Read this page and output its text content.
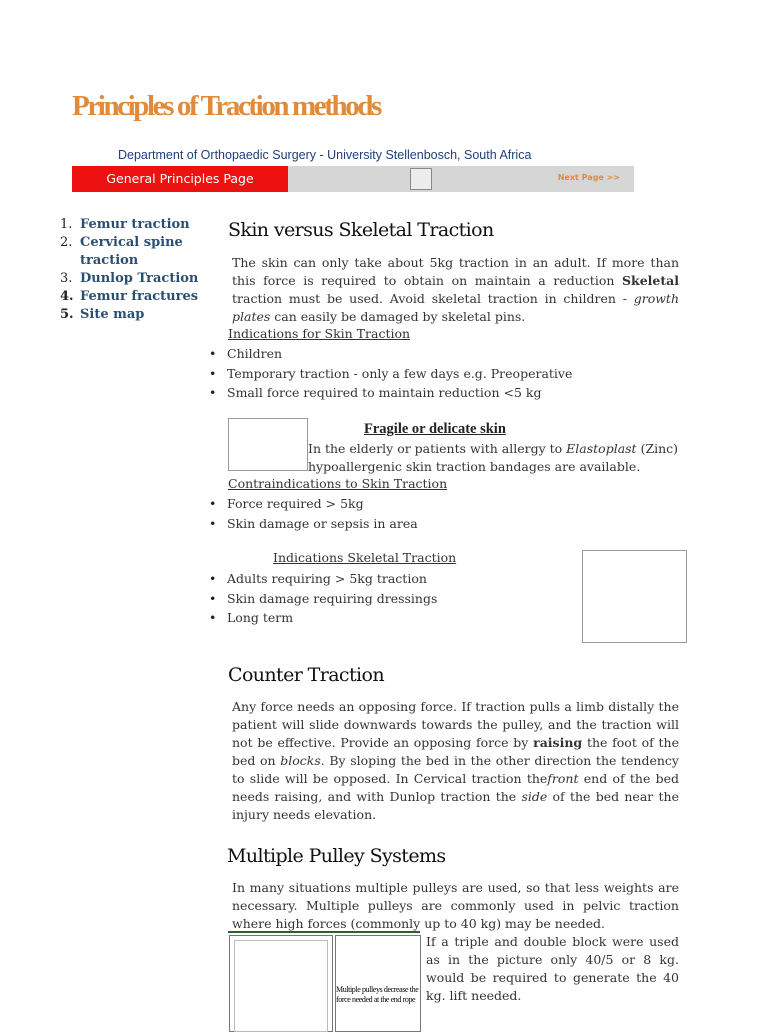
Principles of Traction methods
Department of Orthopaedic Surgery - University Stellenbosch, South Africa
General Principles Page	Next Page >>
1. Femur traction
2. Cervical spine traction
3. Dunlop Traction
4. Femur fractures
5. Site map
Skin versus Skeletal Traction
The skin can only take about 5kg traction in an adult. If more than this force is required to obtain on maintain a reduction Skeletal traction must be used. Avoid skeletal traction in children - growth plates can easily be damaged by skeletal pins.
Indications for Skin Traction
• Children
• Temporary traction - only a few days e.g. Preoperative
• Small force required to maintain reduction <5 kg
Fragile or delicate skin
In the elderly or patients with allergy to Elastoplast (Zinc) hypoallergenic skin traction bandages are available.
Contraindications to Skin Traction
• Force required > 5kg
• Skin damage or sepsis in area
Indications Skeletal Traction
• Adults requiring > 5kg traction
• Skin damage requiring dressings
• Long term
Counter Traction
Any force needs an opposing force. If traction pulls a limb distally the patient will slide downwards towards the pulley, and the traction will not be effective. Provide an opposing force by raising the foot of the bed on blocks. By sloping the bed in the other direction the tendency to slide will be opposed. In Cervical traction thefront end of the bed needs raising, and with Dunlop traction the side of the bed near the injury needs elevation.
Multiple Pulley Systems
In many situations multiple pulleys are used, so that less weights are necessary. Multiple pulleys are commonly used in pelvic traction where high forces (commonly up to 40 kg) may be needed.
Multiple pulleys decrease the force needed at the end rope
If a triple and double block were used as in the picture only 40/5 or 8 kg. would be required to generate the 40 kg. lift needed.
